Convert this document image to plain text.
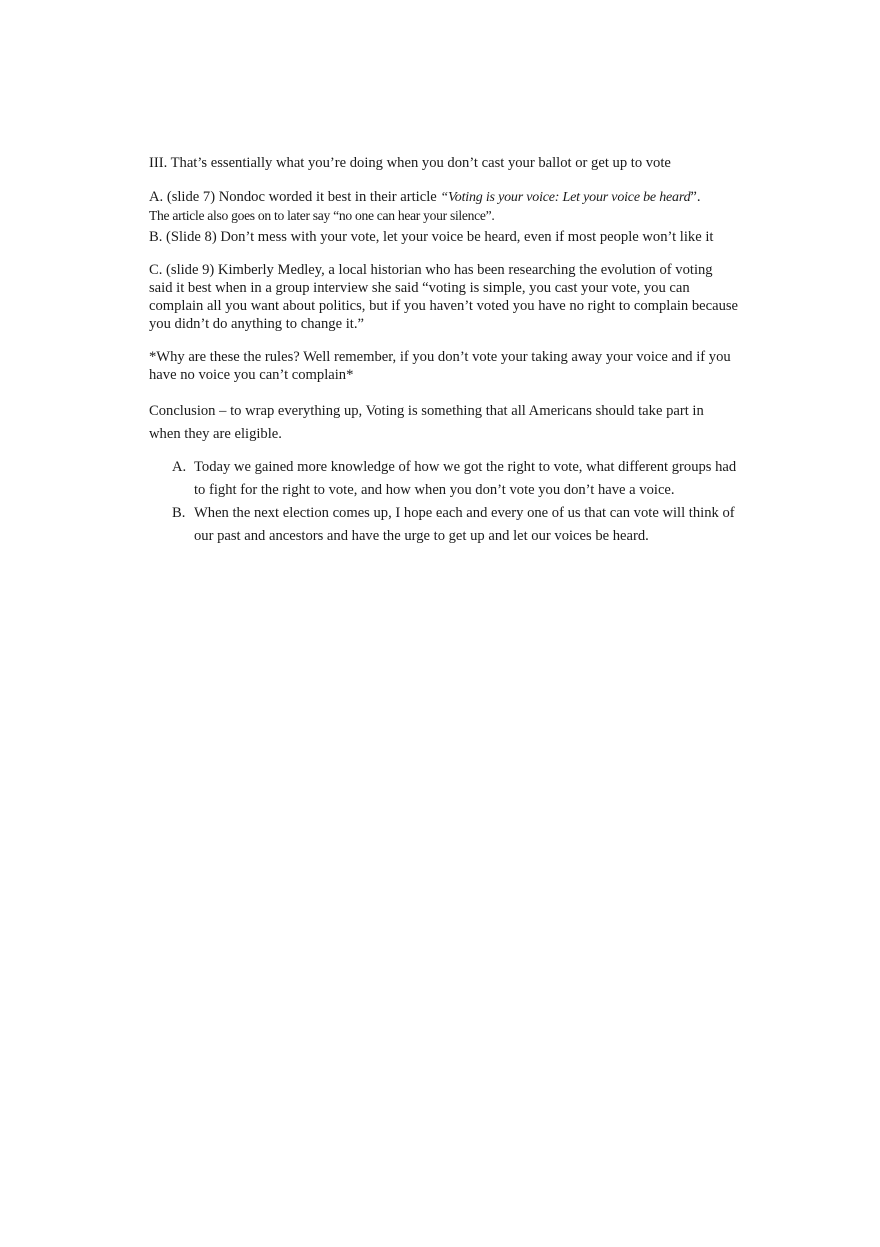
III. That’s essentially what you’re doing when you don’t cast your ballot or get up to vote

A. (slide 7) Nondoc worded it best in their article “Voting is your voice: Let your voice be heard”.
The article also goes on to later say “no one can hear your silence”.

B. (Slide 8) Don’t mess with your vote, let your voice be heard, even if most people won’t like it

C. (slide 9) Kimberly Medley, a local historian who has been researching the evolution of voting said it best when in a group interview she said “voting is simple, you cast your vote, you can complain all you want about politics, but if you haven’t voted you have no right to complain because you didn’t do anything to change it.”

*Why are these the rules? Well remember, if you don’t vote your taking away your voice and if you have no voice you can’t complain*

Conclusion – to wrap everything up, Voting is something that all Americans should take part in when they are eligible.

A. Today we gained more knowledge of how we got the right to vote, what different groups had to fight for the right to vote, and how when you don’t vote you don’t have a voice.
B. When the next election comes up, I hope each and every one of us that can vote will think of our past and ancestors and have the urge to get up and let our voices be heard.
